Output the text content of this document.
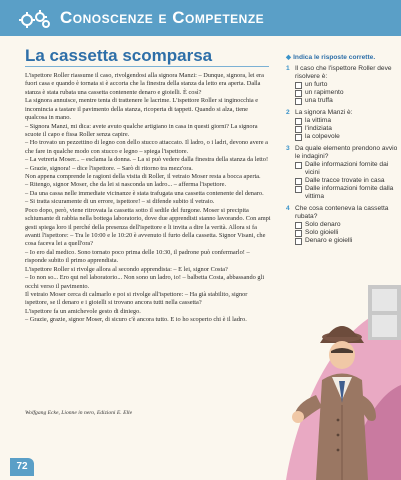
Conoscenze e Competenze
La cassetta scomparsa

L'ispettore Roller riassume il caso, rivolgendosi alla signora Manzi: – Dunque, signora, lei era fuori casa e quando è tornata si è accorta che la finestra della stanza da letto era aperta. Dalla stanza è stata rubata una cassetta contenente denaro e gioielli. È così?

La signora annuisce, mentre tenta di trattenere le lacrime. L'ispettore Roller si inginocchia e incomincia a tastare il pavimento della stanza, ricoperta di tappeti. Quando si alza, tiene qualcosa in mano.

– Signora Manzi, mi dica: avete avuto qualche artigiano in casa in questi giorni? La signora scuote il capo e fissa Roller senza capire.

– Ho trovato un pezzettino di legno con dello stucco attaccato. Il ladro, o i ladri, devono avere a che fare in qualche modo con stucco e legno – spiega l'ispettore.

– La vetreria Moser... – esclama la donna. – La si può vedere dalla finestra della stanza da letto!

– Grazie, signora! – dice l'ispettore. – Sarò di ritorno tra mezz'ora.

Non appena comprende le ragioni della visita di Roller, il vetraio Moser resta a bocca aperta.

– Ritengo, signor Moser, che da lei si nasconda un ladro... – afferma l'ispettore.

– Da una cassa nelle immediate vicinanze è stata trafugata una cassetta contenente del denaro.

– Si tratta sicuramente di un errore, ispettore! – si difende subito il vetraio.

Poco dopo, però, viene ritrovata la cassetta sotto il sedile del furgone. Moser si precipita schiumante di rabbia nella bottega laboratorio, dove due apprendisti stanno lavorando. Con ampi gesti spiega loro il perché della presenza dell'ispettore e li invita a dire la verità. Allora si fa avanti l'ispettore: – Tra le 10:00 e le 10:20 è avvenuto il furto della cassetta. Signor Visani, che cosa faceva lei a quell'ora?

– Io ero dal medico. Sono tornato poco prima delle 10:30, il padrone può confermarlo! – risponde subito il primo apprendista.

L'ispettore Roller si rivolge allora al secondo apprendista: – E lei, signor Costa?

– Io non so... Ero qui nel laboratorio... Non sono un ladro, io! – balbetta Costa, abbassando gli occhi verso il pavimento.

Il vetraio Moser cerca di calmarlo e poi si rivolge all'ispettore: – Ha già stabilito, signor ispettore, se il denaro e i gioielli si trovano ancora tutti nella cassetta?

L'ispettore fa un amichevole gesto di diniego.

– Grazie, grazie, signor Moser, di sicuro c'è ancora tutto. E io ho scoperto chi è il ladro.

Wolfgang Ecke, Lionne in nero, Edizioni E. Elle
72
◆ Indica le risposte corrette.
1 Il caso che l'ispettore Roller deve risolvere è:
un furto
un rapimento
una truffa
2 La signora Manzi è:
la vittima
l'indiziata
la colpevole
3 Da quale elemento prendono avvio le indagini?
Dalle informazioni fornite dai vicini
Dalle tracce trovate in casa
Dalle informazioni fornite dalla vittima
4 Che cosa conteneva la cassetta rubata?
Solo denaro
Solo gioielli
Denaro e gioielli
